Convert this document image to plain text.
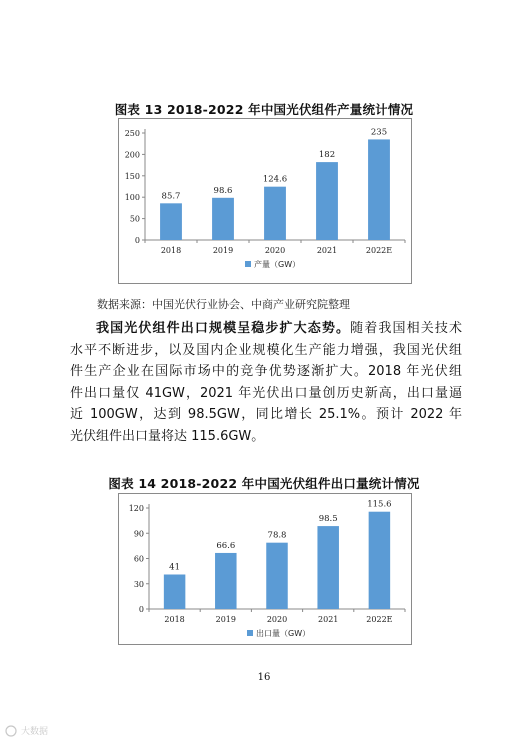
图表 13 2018-2022 年中国光伏组件产量统计情况
0
50
100
150
200
250
85.7
2018
98.6
2019
124.6
2020
182
2021
235
2022E
产量（GW）
数据来源：中国光伏行业协会、中商产业研究院整理
我国光伏组件出口规模呈稳步扩大态势。随着我国相关技术
水平不断进步，以及国内企业规模化生产能力增强，我国光伏组
件生产企业在国际市场中的竞争优势逐渐扩大。2018 年光伏组
件出口量仅 41GW，2021 年光伏出口量创历史新高，出口量逼
近 100GW，达到 98.5GW，同比增长 25.1%。预计 2022 年
光伏组件出口量将达 115.6GW。
图表 14 2018-2022 年中国光伏组件出口量统计情况
0
30
60
90
120
41
2018
66.6
2019
78.8
2020
98.5
2021
115.6
2022E
出口量（GW）
16
大数据
